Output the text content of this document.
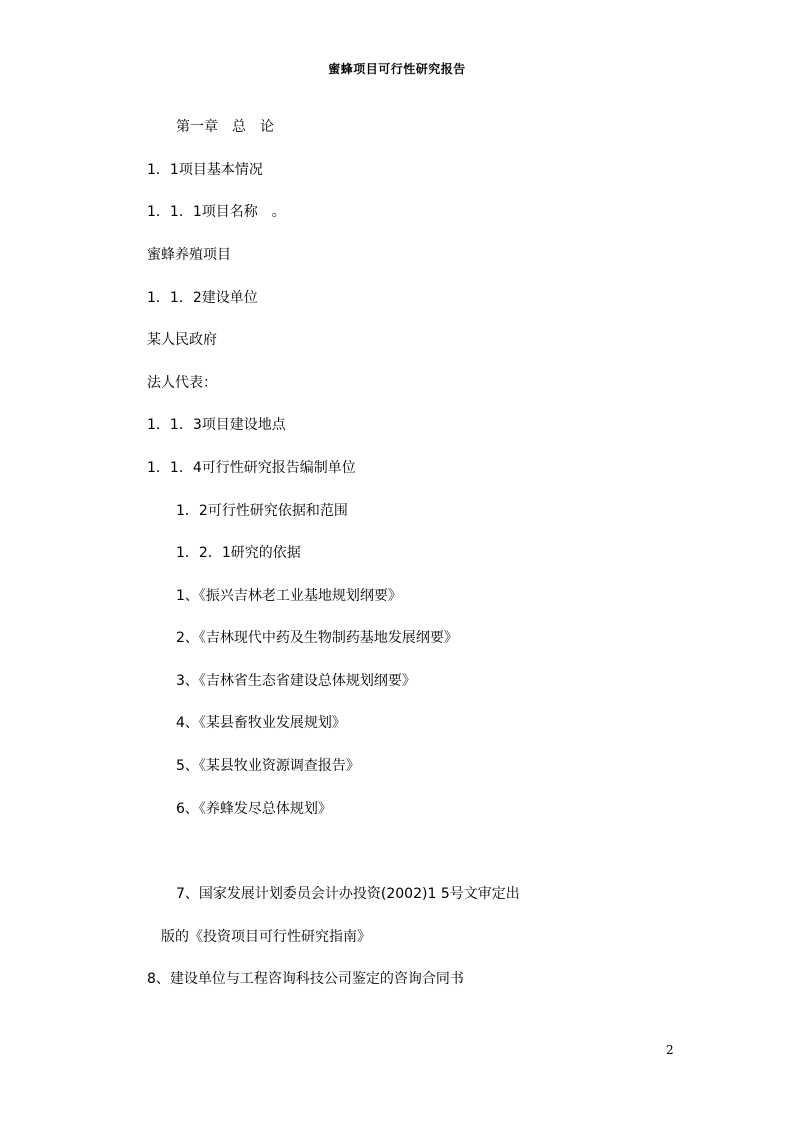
蜜蜂项目可行性研究报告
第一章　总　论
1．1项目基本情况
1．1．1项目名称　。
蜜蜂养殖项目
1．1．2建设单位
某人民政府
法人代表：
1．1．3项目建设地点
1．1．4可行性研究报告编制单位
1．2可行性研究依据和范围
1．2．1研究的依据
1、《振兴吉林老工业基地规划纲要》
2、《吉林现代中药及生物制药基地发展纲要》
3、《吉林省生态省建设总体规划纲要》
4、《某县畜牧业发展规划》
5、《某县牧业资源调查报告》
6、《养蜂发尽总体规划》
7、国家发展计划委员会计办投资(2002)1 5号文审定出
版的《投资项目可行性研究指南》
8、建设单位与工程咨询科技公司鉴定的咨询合同书
2
